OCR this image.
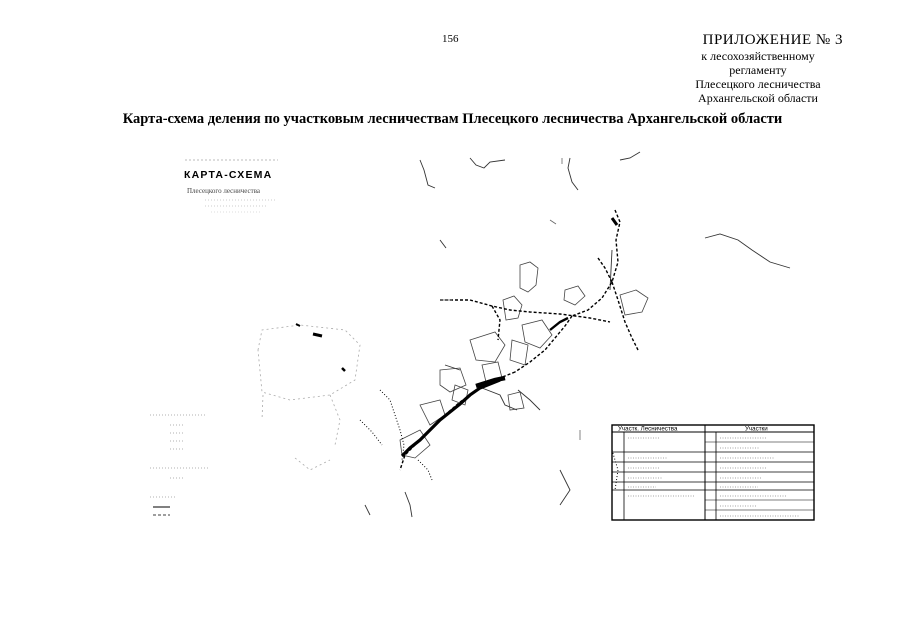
156	ПРИЛОЖЕНИЕ № 3
к лесохозяйственному регламенту
Плесецкого лесничества
Архангельской области
Карта-схема деления по участковым лесничествам Плесецкого лесничества Архангельской области
КАРТА-СХЕМА
Плесецкого лесничества
Участк. Лесничества	Участки
